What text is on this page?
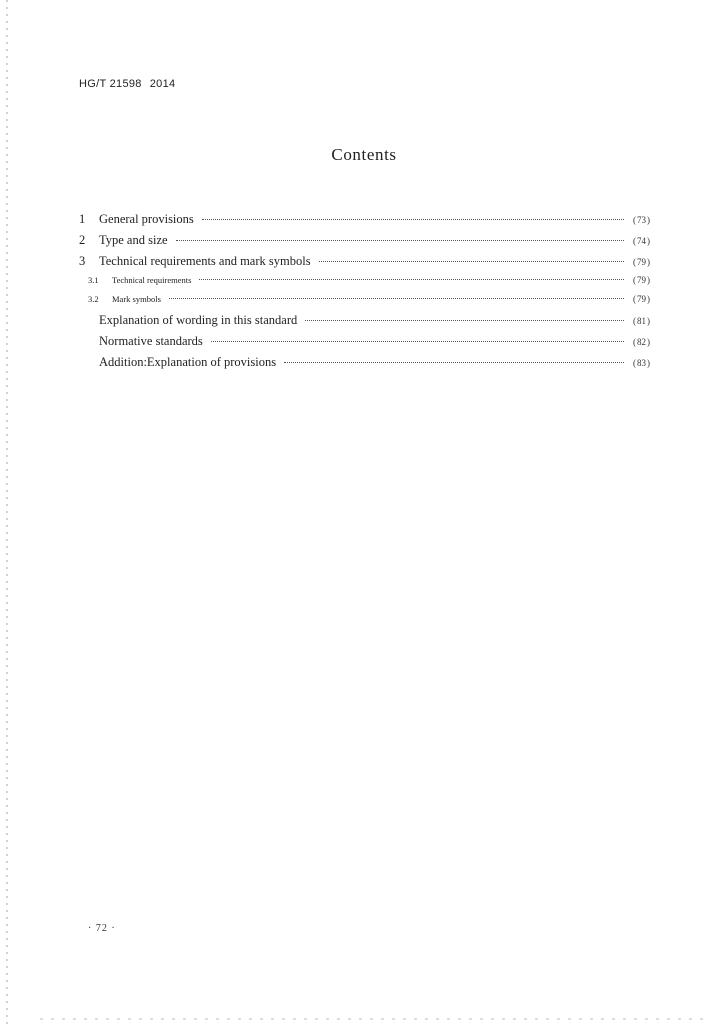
HG/T 21598 2014
Contents
1	General provisions	(73)
2	Type and size	(74)
3	Technical requirements and mark symbols	(79)
3.1	Technical requirements	(79)
3.2	Mark symbols	(79)
Explanation of wording in this standard	(81)
Normative standards	(82)
Addition:Explanation of provisions	(83)
· 72 ·
